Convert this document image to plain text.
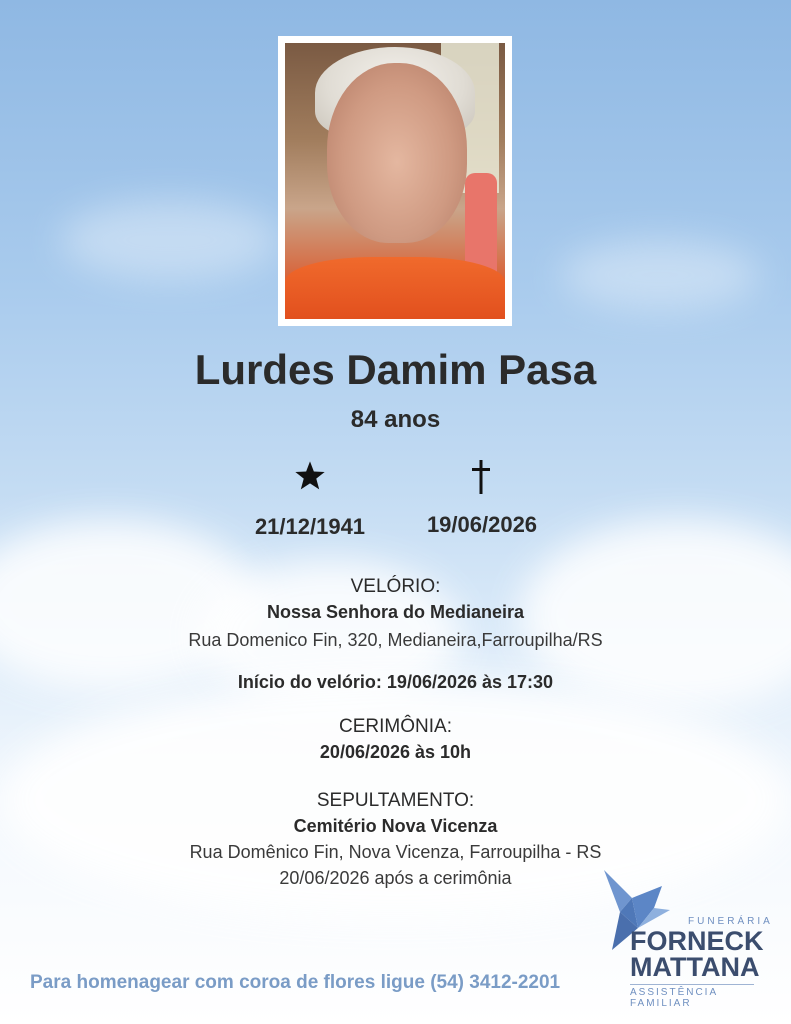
Lurdes Damim Pasa
84 anos
21/12/1941	19/06/2026
VELÓRIO:
Nossa Senhora do Medianeira
Rua Domenico Fin, 320, Medianeira,Farroupilha/RS
Início do velório: 19/06/2026 às 17:30
CERIMÔNIA:
20/06/2026 às 10h
SEPULTAMENTO:
Cemitério Nova Vicenza
Rua Domênico Fin, Nova Vicenza, Farroupilha - RS
20/06/2026 após a cerimônia
Para homenagear com coroa de flores ligue (54) 3412-2201
FUNERÁRIA
FORNECK
MATTANA
ASSISTÊNCIA FAMILIAR
